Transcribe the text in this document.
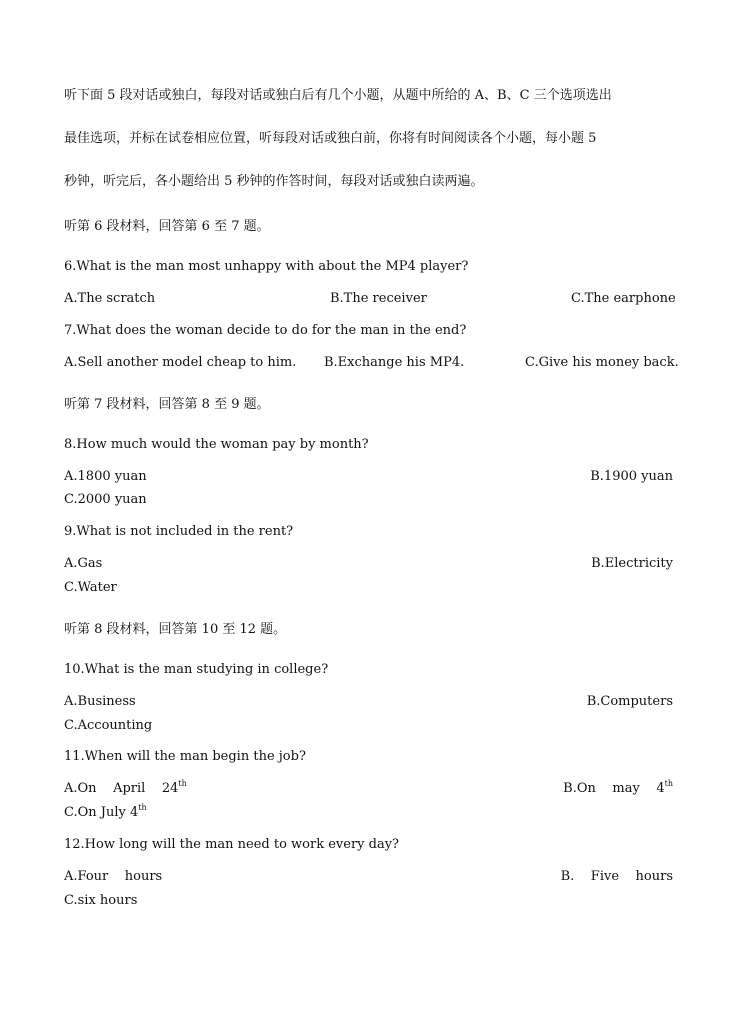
听下面 5 段对话或独白，每段对话或独白后有几个小题，从题中所给的 A、B、C 三个选项选出

最佳选项，并标在试卷相应位置，听每段对话或独白前，你将有时间阅读各个小题，每小题 5

秒钟，听完后，各小题给出 5 秒钟的作答时间，每段对话或独白读两遍。

听第 6 段材料，回答第 6 至 7 题。
6.What is the man most unhappy with about the MP4 player?
A.The scratch	B.The receiver	C.The earphone
7.What does the woman decide to do for the man in the end?
A.Sell another model cheap to him. B.Exchange his MP4.	C.Give his money back.
听第 7 段材料，回答第 8 至 9 题。
8.How much would the woman pay by month?
A.1800 yuan	B.1900 yuan
C.2000 yuan
9.What is not included in the rent?
A.Gas	B.Electricity
C.Water
听第 8 段材料，回答第 10 至 12 题。
10.What is the man studying in college?
A.Business	B.Computers
C.Accounting
11.When will the man begin the job?
A.On    April    24th	B.On    may    4th
C.On July 4th
12.How long will the man need to work every day?
A.Four    hours	B.    Five    hours
C.six hours
